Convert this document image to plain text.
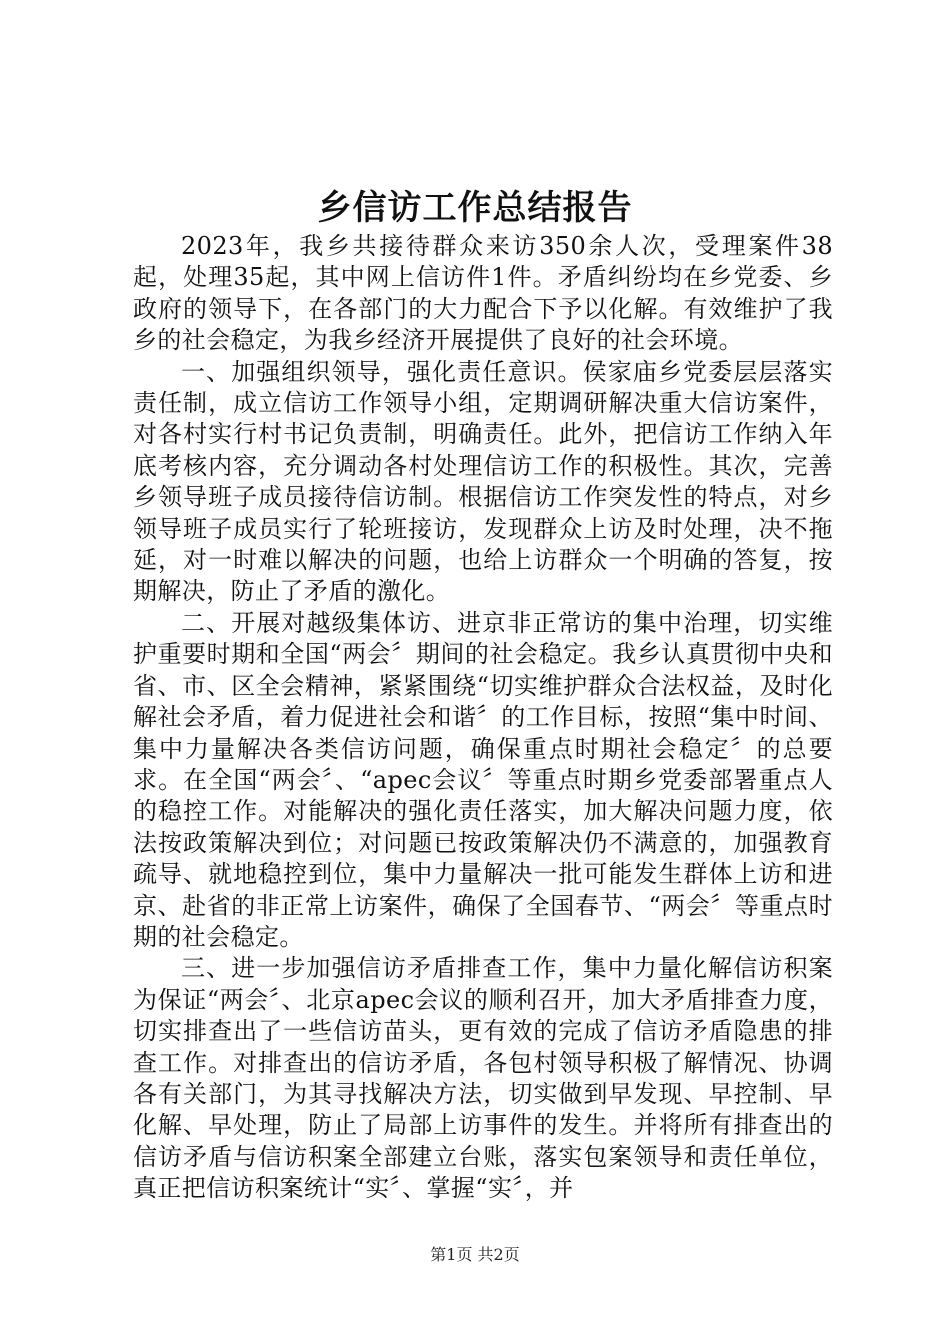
乡信访工作总结报告

2023年，我乡共接待群众来访350余人次，受理案件38起，处理35起，其中网上信访件1件。矛盾纠纷均在乡党委、乡政府的领导下，在各部门的大力配合下予以化解。有效维护了我乡的社会稳定，为我乡经济开展提供了良好的社会环境。

一、加强组织领导，强化责任意识。侯家庙乡党委层层落实责任制，成立信访工作领导小组，定期调研解决重大信访案件，对各村实行村书记负责制，明确责任。此外，把信访工作纳入年底考核内容，充分调动各村处理信访工作的积极性。其次，完善乡领导班子成员接待信访制。根据信访工作突发性的特点，对乡领导班子成员实行了轮班接访，发现群众上访及时处理，决不拖延，对一时难以解决的问题，也给上访群众一个明确的答复，按期解决，防止了矛盾的激化。

二、开展对越级集体访、进京非正常访的集中治理，切实维护重要时期和全国“两会〞期间的社会稳定。我乡认真贯彻中央和省、市、区全会精神，紧紧围绕“切实维护群众合法权益，及时化解社会矛盾，着力促进社会和谐〞的工作目标，按照“集中时间、集中力量解决各类信访问题，确保重点时期社会稳定〞的总要求。在全国“两会〞、“apec会议〞等重点时期乡党委部署重点人的稳控工作。对能解决的强化责任落实，加大解决问题力度，依法按政策解决到位；对问题已按政策解决仍不满意的，加强教育疏导、就地稳控到位，集中力量解决一批可能发生群体上访和进京、赴省的非正常上访案件，确保了全国春节、“两会〞等重点时期的社会稳定。

三、进一步加强信访矛盾排查工作，集中力量化解信访积案为保证“两会〞、北京apec会议的顺利召开，加大矛盾排查力度，切实排查出了一些信访苗头，更有效的完成了信访矛盾隐患的排查工作。对排查出的信访矛盾，各包村领导积极了解情况、协调各有关部门，为其寻找解决方法，切实做到早发现、早控制、早化解、早处理，防止了局部上访事件的发生。并将所有排查出的信访矛盾与信访积案全部建立台账，落实包案领导和责任单位，真正把信访积案统计“实〞、掌握“实〞，并

第1页 共2页
